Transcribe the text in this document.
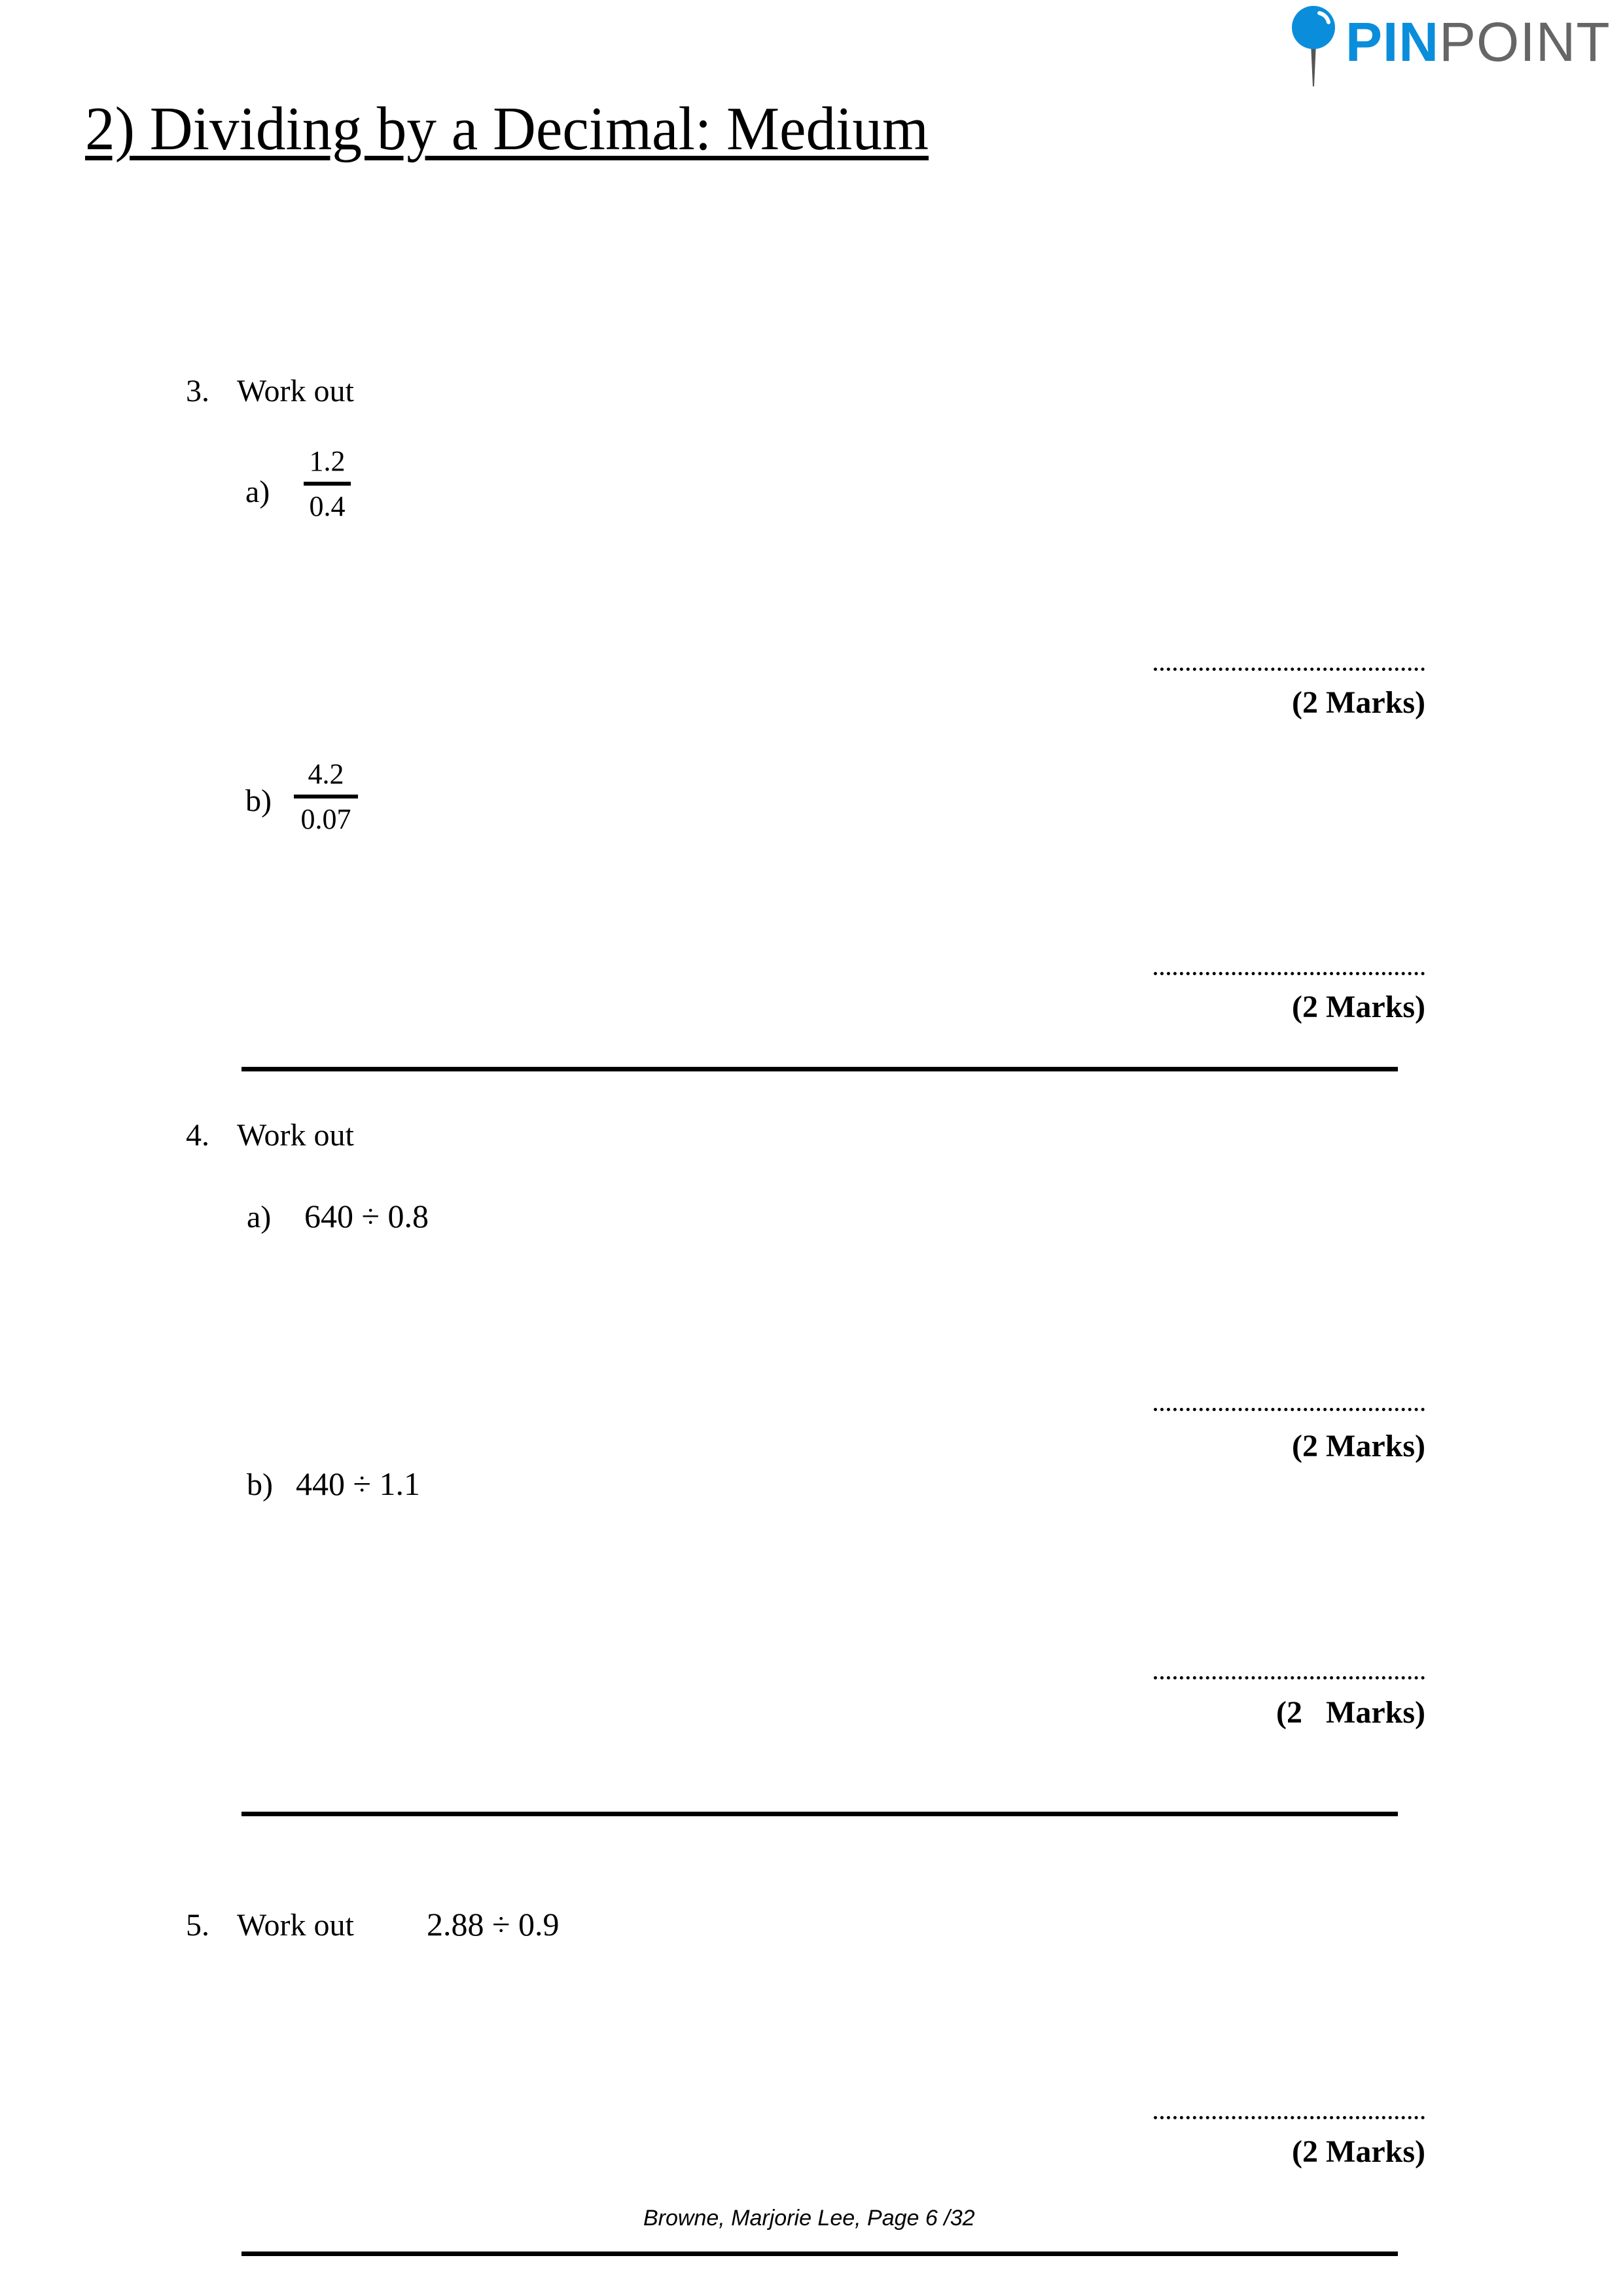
PINPOINT
2) Dividing by a Decimal: Medium
3. Work out
a)
1.2
0.4
(2 Marks)
b)
4.2
0.07
(2 Marks)
4. Work out
a) 640 ÷ 0.8
(2 Marks)
b) 440 ÷ 1.1
(2   Marks)
5. Work out 2.88 ÷ 0.9
(2 Marks)
Browne, Marjorie Lee, Page 6 /32
